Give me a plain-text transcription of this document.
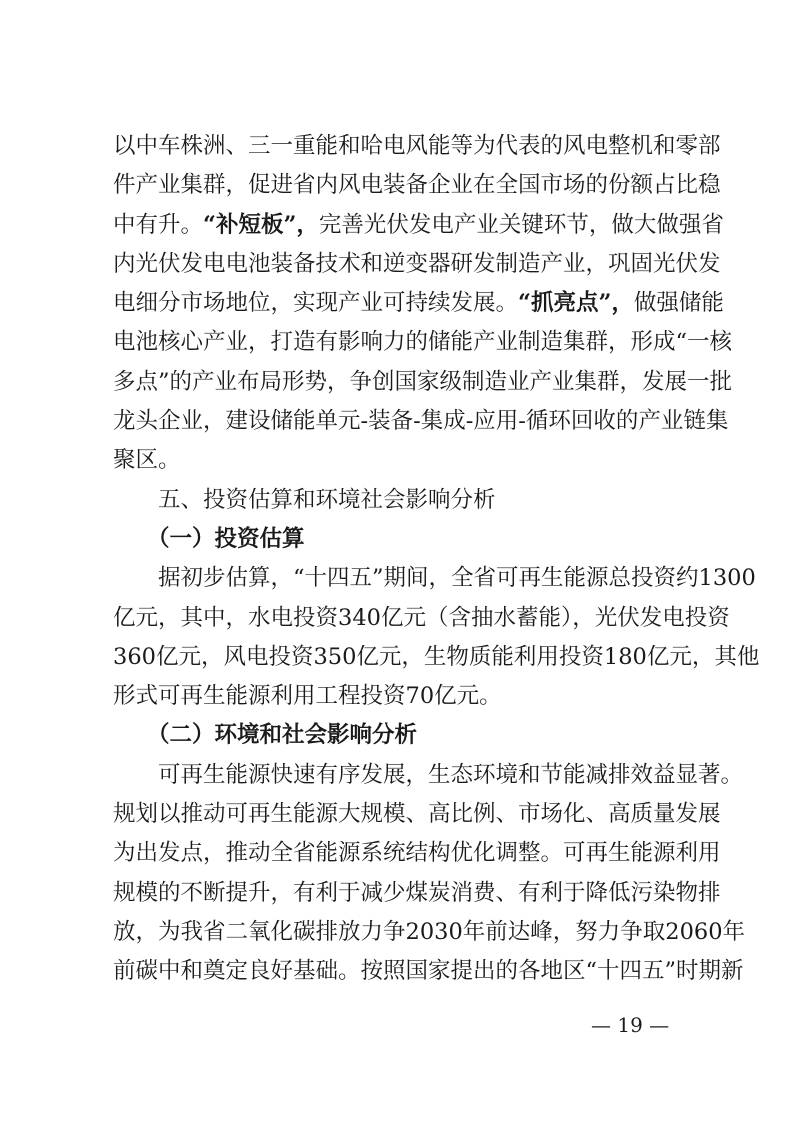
以中车株洲、三一重能和哈电风能等为代表的风电整机和零部
件产业集群，促进省内风电装备企业在全国市场的份额占比稳
中有升。“补短板”，完善光伏发电产业关键环节，做大做强省
内光伏发电电池装备技术和逆变器研发制造产业，巩固光伏发
电细分市场地位，实现产业可持续发展。“抓亮点”，做强储能
电池核心产业，打造有影响力的储能产业制造集群，形成“一核
多点”的产业布局形势，争创国家级制造业产业集群，发展一批
龙头企业，建设储能单元-装备-集成-应用-循环回收的产业链集
聚区。

五、投资估算和环境社会影响分析

（一）投资估算

据初步估算，“十四五”期间，全省可再生能源总投资约1300
亿元，其中，水电投资340亿元（含抽水蓄能），光伏发电投资
360亿元，风电投资350亿元，生物质能利用投资180亿元，其他
形式可再生能源利用工程投资70亿元。

（二）环境和社会影响分析

可再生能源快速有序发展，生态环境和节能减排效益显著。
规划以推动可再生能源大规模、高比例、市场化、高质量发展
为出发点，推动全省能源系统结构优化调整。可再生能源利用
规模的不断提升，有利于减少煤炭消费、有利于降低污染物排
放，为我省二氧化碳排放力争2030年前达峰，努力争取2060年
前碳中和奠定良好基础。按照国家提出的各地区“十四五”时期新

— 19 —
